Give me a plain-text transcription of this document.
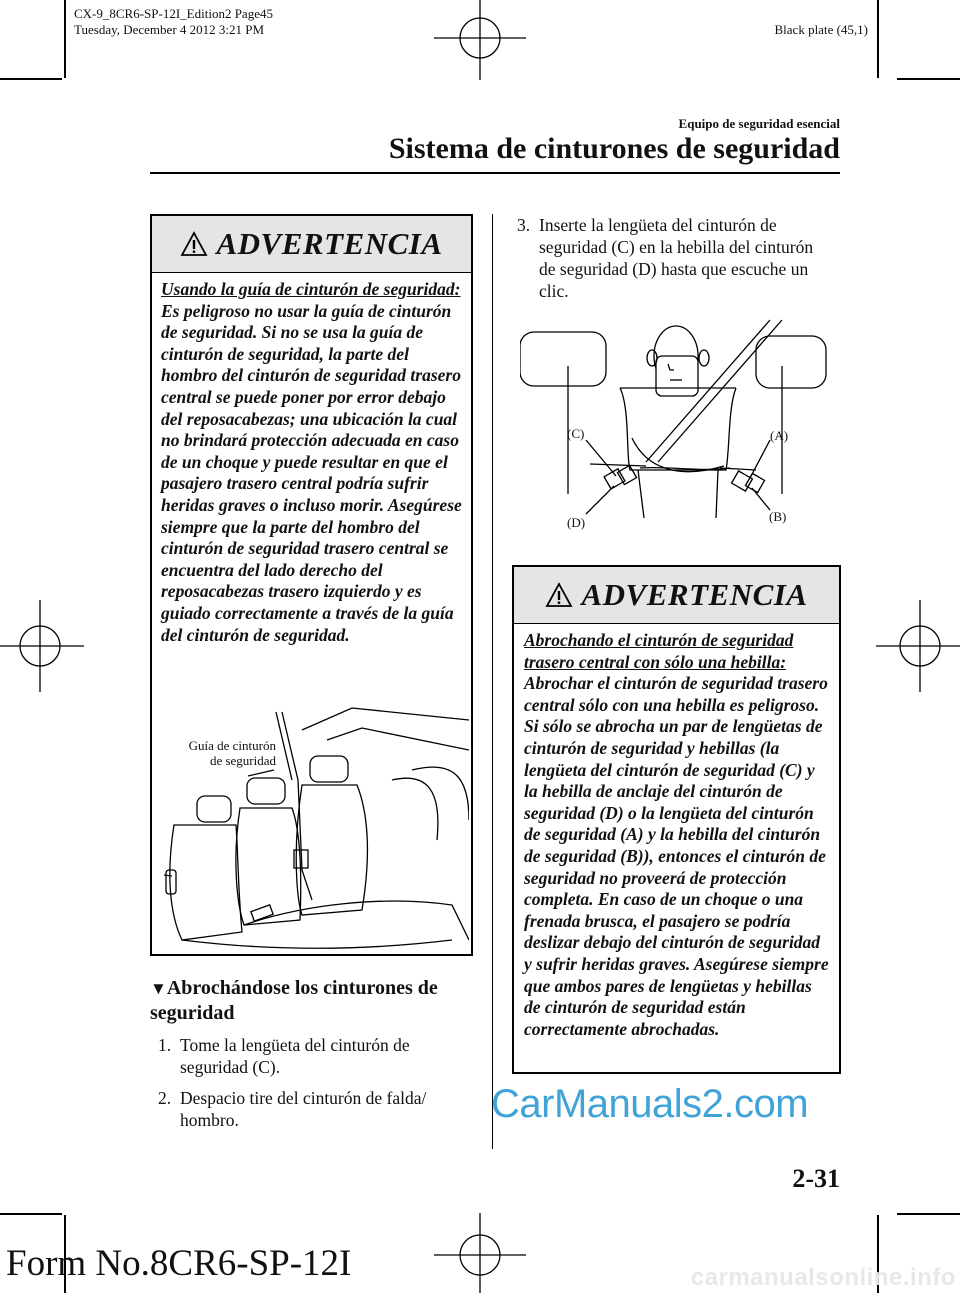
CX-9_8CR6-SP-12I_Edition2 Page45
Tuesday, December 4 2012 3:21 PM	Black plate (45,1)
Equipo de seguridad esencial
Sistema de cinturones de seguridad
ADVERTENCIA
Usando la guía de cinturón de seguridad:
Es peligroso no usar la guía de cinturón de seguridad. Si no se usa la guía de cinturón de seguridad, la parte del hombro del cinturón de seguridad trasero central se puede poner por error debajo del reposacabezas; una ubicación la cual no brindará protección adecuada en caso de un choque y puede resultar en que el pasajero trasero central podría sufrir heridas graves o incluso morir. Asegúrese siempre que la parte del hombro del cinturón de seguridad trasero central se encuentra del lado derecho del reposacabezas trasero izquierdo y es guiado correctamente a través de la guía del cinturón de seguridad.
Guía de cinturón
de seguridad
▼Abrochándose los cinturones de seguridad
1. Tome la lengüeta del cinturón de seguridad (C).
2. Despacio tire del cinturón de falda/ hombro.
3. Inserte la lengüeta del cinturón de seguridad (C) en la hebilla del cinturón de seguridad (D) hasta que escuche un clic.
(C)
(D)
(A)
(B)
ADVERTENCIA
Abrochando el cinturón de seguridad trasero central con sólo una hebilla:
Abrochar el cinturón de seguridad trasero central sólo con una hebilla es peligroso. Si sólo se abrocha un par de lengüetas de cinturón de seguridad y hebillas (la lengüeta del cinturón de seguridad (C) y la hebilla de anclaje del cinturón de seguridad (D) o la lengüeta del cinturón de seguridad (A) y la hebilla del cinturón de seguridad (B)), entonces el cinturón de seguridad no proveerá de protección completa. En caso de un choque o una frenada brusca, el pasajero se podría deslizar debajo del cinturón de seguridad y sufrir heridas graves. Asegúrese siempre que ambos pares de lengüetas y hebillas de cinturón de seguridad están correctamente abrochadas.
CarManuals2.com
2-31
Form No.8CR6-SP-12I	carmanualsonline.info
